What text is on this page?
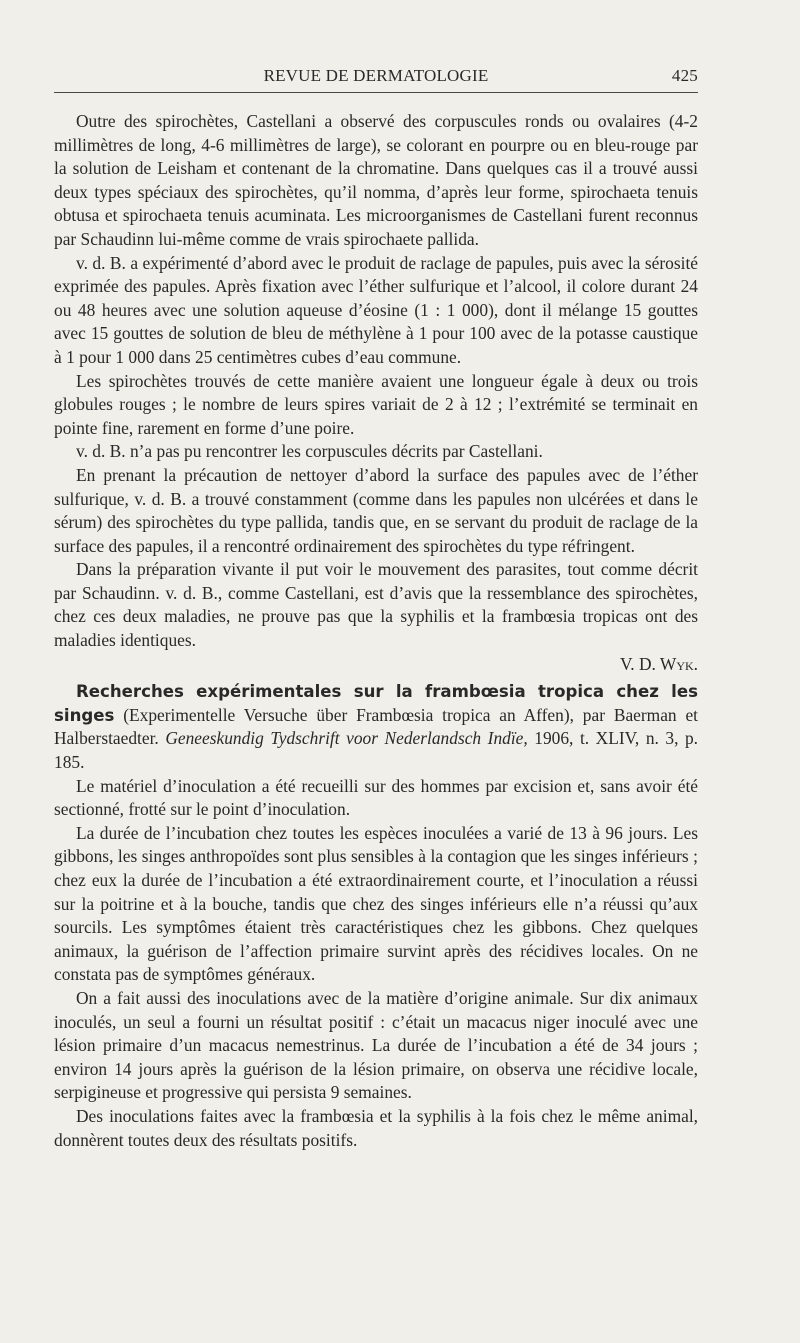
REVUE DE DERMATOLOGIE	425

Outre des spirochètes, Castellani a observé des corpuscules ronds ou ovalaires (4-2 millimètres de long, 4-6 millimètres de large), se colorant en pourpre ou en bleu-rouge par la solution de Leisham et contenant de la chromatine. Dans quelques cas il a trouvé aussi deux types spéciaux des spirochètes, qu’il nomma, d’après leur forme, spirochaeta tenuis obtusa et spirochaeta tenuis acuminata. Les microorganismes de Castellani furent reconnus par Schaudinn lui-même comme de vrais spirochaete pallida.

v. d. B. a expérimenté d’abord avec le produit de raclage de papules, puis avec la sérosité exprimée des papules. Après fixation avec l’éther sulfurique et l’alcool, il colore durant 24 ou 48 heures avec une solution aqueuse d’éosine (1 : 1 000), dont il mélange 15 gouttes avec 15 gouttes de solution de bleu de méthylène à 1 pour 100 avec de la potasse caustique à 1 pour 1 000 dans 25 centimètres cubes d’eau commune.

Les spirochètes trouvés de cette manière avaient une longueur égale à deux ou trois globules rouges ; le nombre de leurs spires variait de 2 à 12 ; l’extrémité se terminait en pointe fine, rarement en forme d’une poire.

v. d. B. n’a pas pu rencontrer les corpuscules décrits par Castellani.

En prenant la précaution de nettoyer d’abord la surface des papules avec de l’éther sulfurique, v. d. B. a trouvé constamment (comme dans les papules non ulcérées et dans le sérum) des spirochètes du type pallida, tandis que, en se servant du produit de raclage de la surface des papules, il a rencontré ordinairement des spirochètes du type réfringent.

Dans la préparation vivante il put voir le mouvement des parasites, tout comme décrit par Schaudinn. v. d. B., comme Castellani, est d’avis que la ressemblance des spirochètes, chez ces deux maladies, ne prouve pas que la syphilis et la frambœsia tropicas ont des maladies identiques.

V. D. Wyk.

Recherches expérimentales sur la frambœsia tropica chez les singes (Experimentelle Versuche über Frambœsia tropica an Affen), par Baerman et Halberstaedter. Geneeskundig Tydschrift voor Nederlandsch Indïe, 1906, t. XLIV, n. 3, p. 185.

Le matériel d’inoculation a été recueilli sur des hommes par excision et, sans avoir été sectionné, frotté sur le point d’inoculation.

La durée de l’incubation chez toutes les espèces inoculées a varié de 13 à 96 jours. Les gibbons, les singes anthropoïdes sont plus sensibles à la contagion que les singes inférieurs ; chez eux la durée de l’incubation a été extraordinairement courte, et l’inoculation a réussi sur la poitrine et à la bouche, tandis que chez des singes inférieurs elle n’a réussi qu’aux sourcils. Les symptômes étaient très caractéristiques chez les gibbons. Chez quelques animaux, la guérison de l’affection primaire survint après des récidives locales. On ne constata pas de symptômes généraux.

On a fait aussi des inoculations avec de la matière d’origine animale. Sur dix animaux inoculés, un seul a fourni un résultat positif : c’était un macacus niger inoculé avec une lésion primaire d’un macacus nemestrinus. La durée de l’incubation a été de 34 jours ; environ 14 jours après la guérison de la lésion primaire, on observa une récidive locale, serpigineuse et progressive qui persista 9 semaines.

Des inoculations faites avec la frambœsia et la syphilis à la fois chez le même animal, donnèrent toutes deux des résultats positifs.
